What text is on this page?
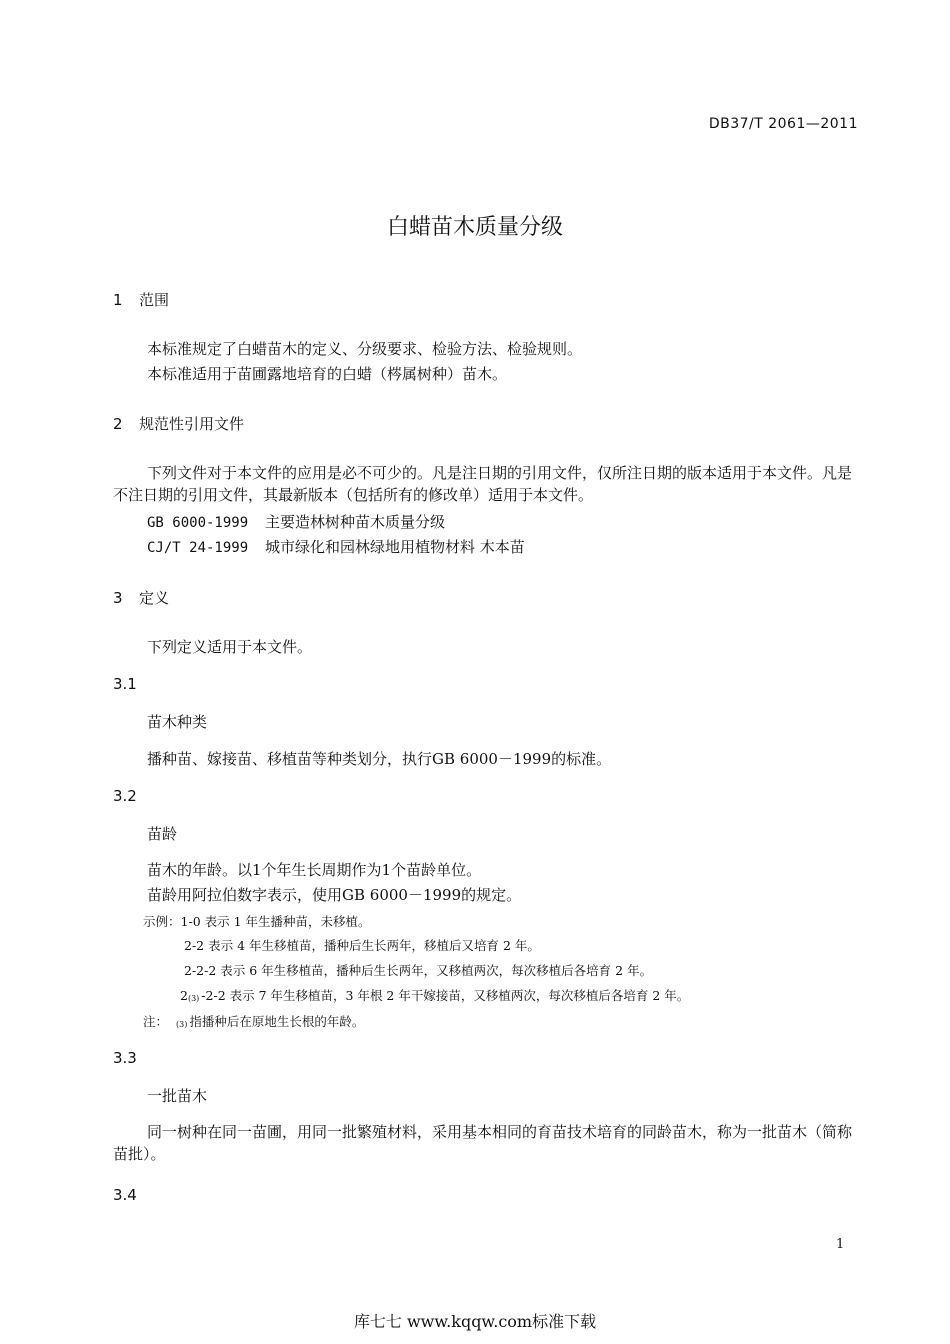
DB37/T 2061—2011
白蜡苗木质量分级
1 范围
本标准规定了白蜡苗木的定义、分级要求、检验方法、检验规则。
本标准适用于苗圃露地培育的白蜡（梣属树种）苗木。
2 规范性引用文件
下列文件对于本文件的应用是必不可少的。凡是注日期的引用文件，仅所注日期的版本适用于本文件。凡是不注日期的引用文件，其最新版本（包括所有的修改单）适用于本文件。
GB 6000-1999 主要造林树种苗木质量分级
CJ/T 24-1999 城市绿化和园林绿地用植物材料 木本苗
3 定义
下列定义适用于本文件。
3.1
苗木种类
播种苗、嫁接苗、移植苗等种类划分，执行GB 6000－1999的标准。
3.2
苗龄
苗木的年龄。以1个年生长周期作为1个苗龄单位。
苗龄用阿拉伯数字表示，使用GB 6000－1999的规定。
示例：1-0 表示 1 年生播种苗，未移植。
2-2 表示 4 年生移植苗，播种后生长两年，移植后又培育 2 年。
2-2-2 表示 6 年生移植苗，播种后生长两年，又移植两次，每次移植后各培育 2 年。
2(3) -2-2 表示 7 年生移植苗，3 年根 2 年干嫁接苗，又移植两次，每次移植后各培育 2 年。
注： (3) 指播种后在原地生长根的年龄。
3.3
一批苗木
同一树种在同一苗圃，用同一批繁殖材料，采用基本相同的育苗技术培育的同龄苗木，称为一批苗木（简称苗批）。
3.4
1
库七七 www.kqqw.com标准下载
